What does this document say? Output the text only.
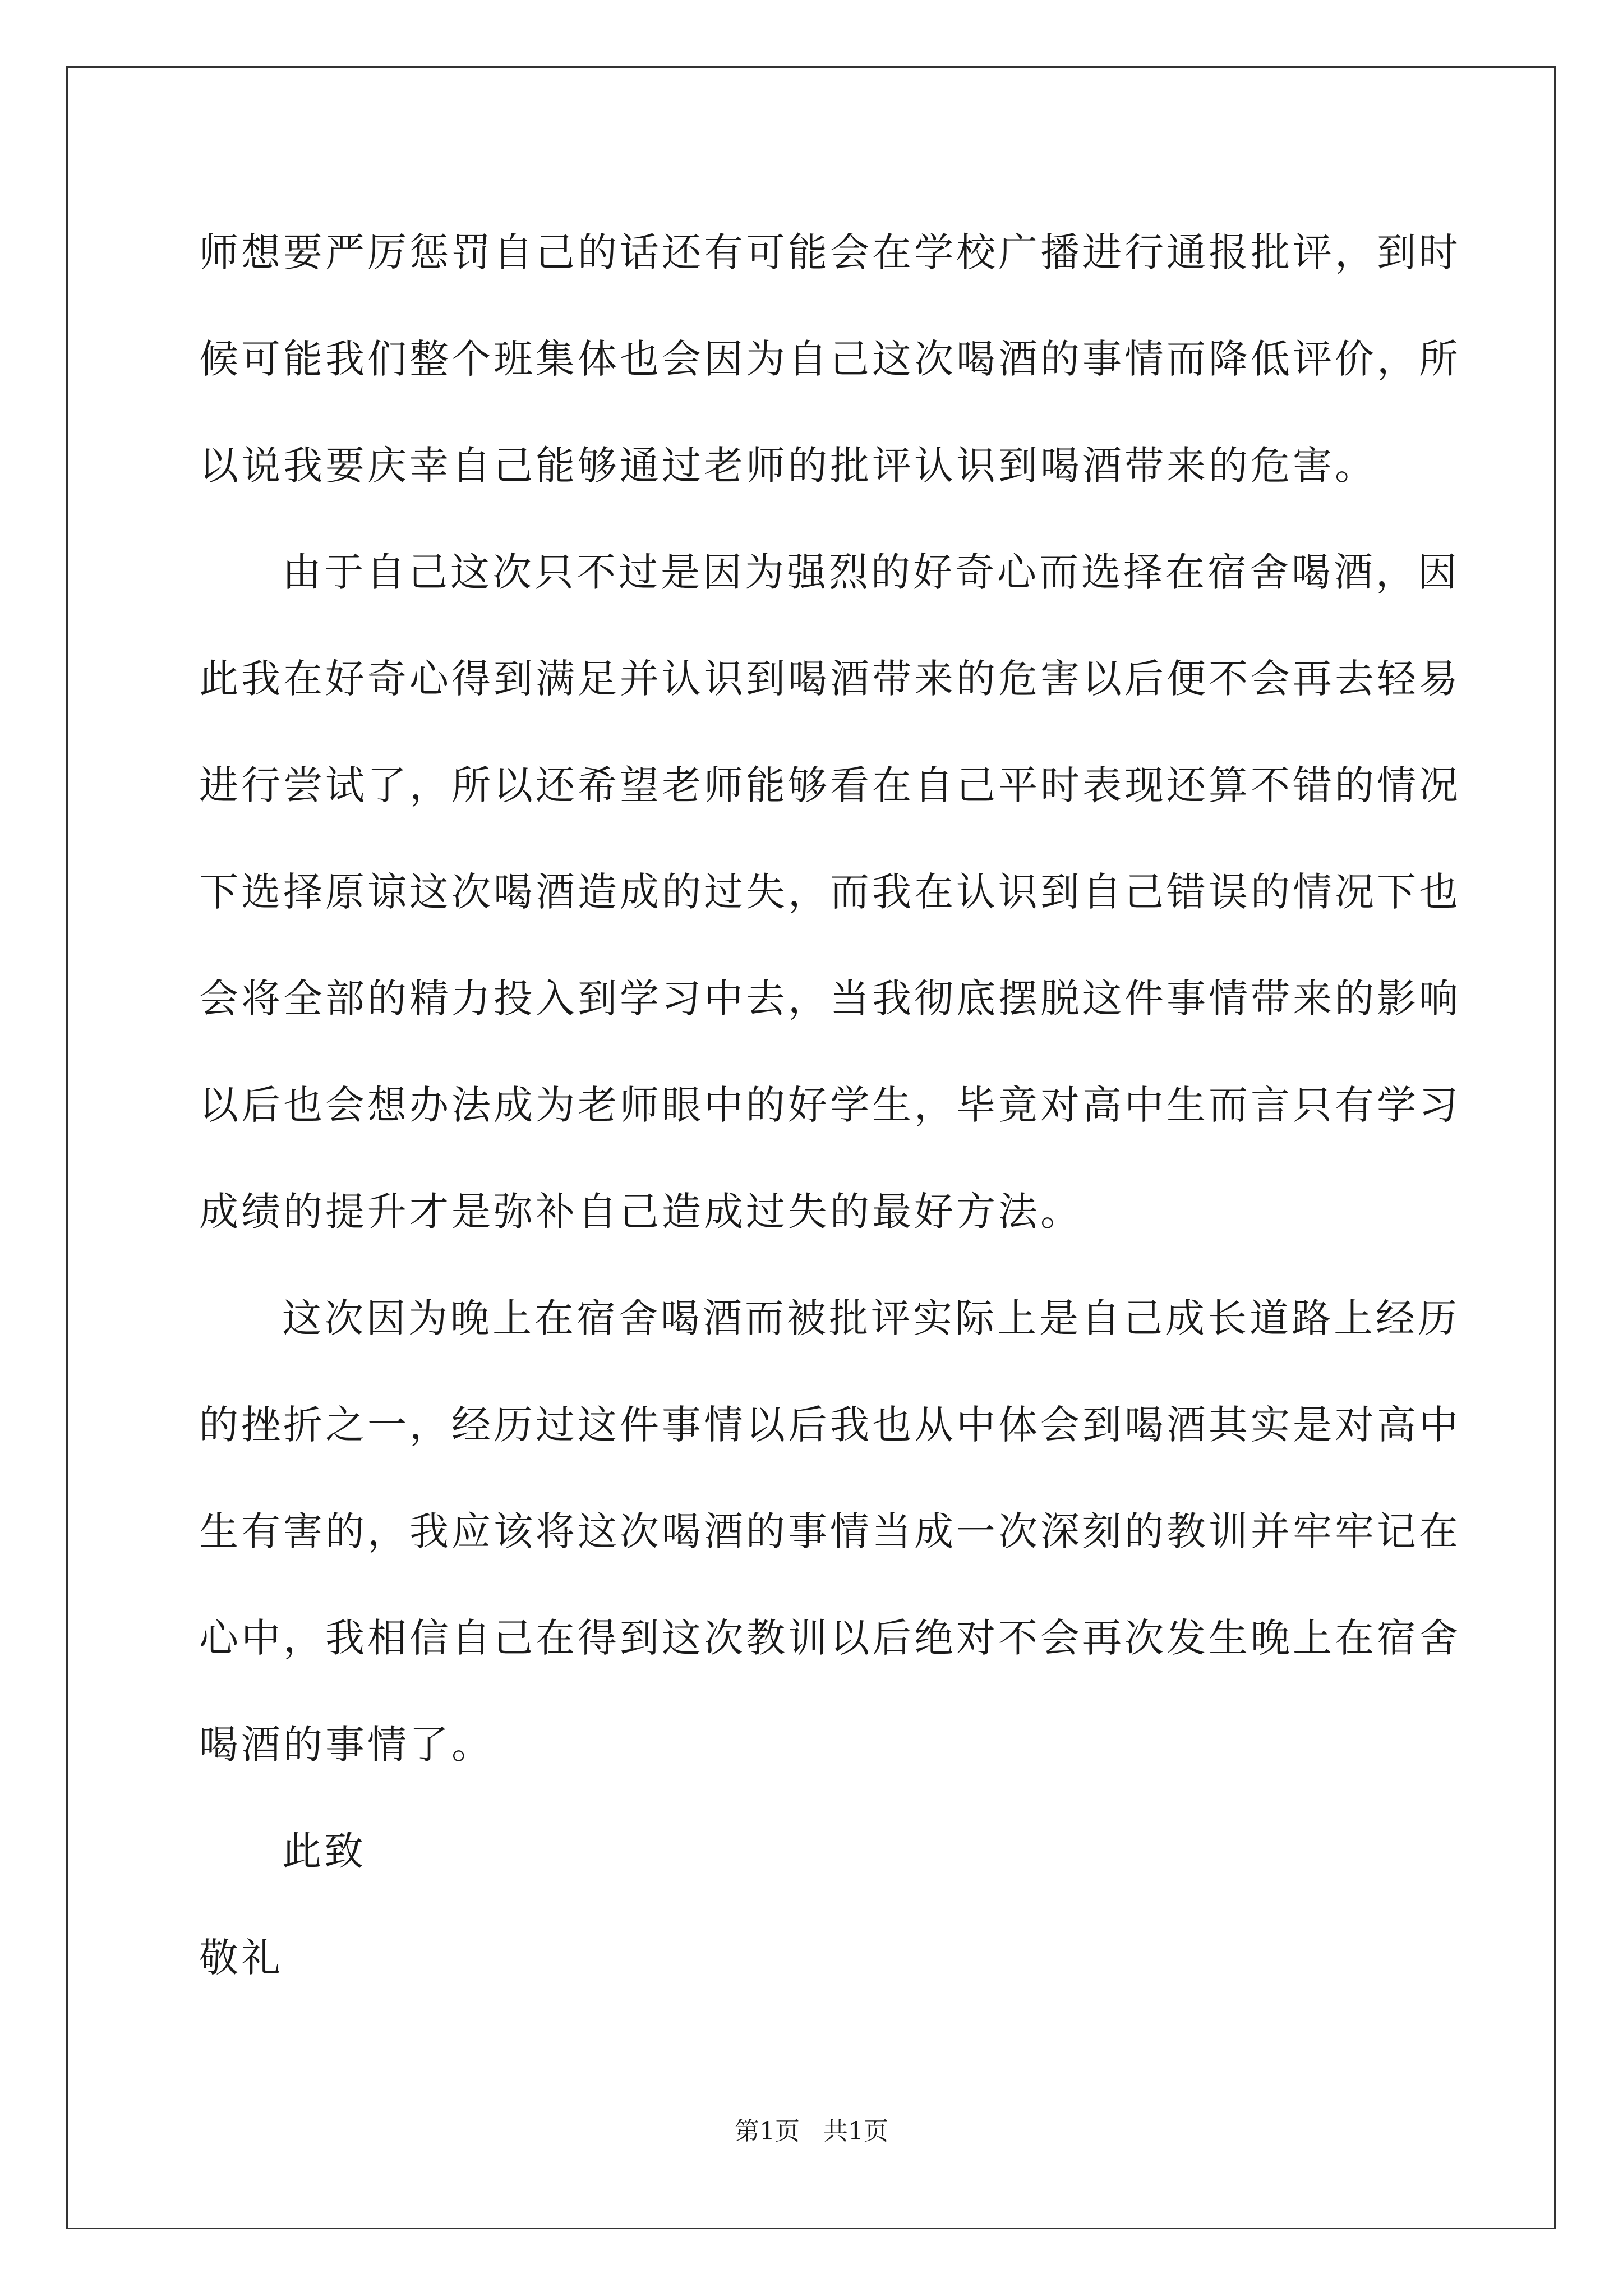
师想要严厉惩罚自己的话还有可能会在学校广播进行通报批评，到时
候可能我们整个班集体也会因为自己这次喝酒的事情而降低评价，所
以说我要庆幸自己能够通过老师的批评认识到喝酒带来的危害。
由于自己这次只不过是因为强烈的好奇心而选择在宿舍喝酒，因
此我在好奇心得到满足并认识到喝酒带来的危害以后便不会再去轻易
进行尝试了，所以还希望老师能够看在自己平时表现还算不错的情况
下选择原谅这次喝酒造成的过失，而我在认识到自己错误的情况下也
会将全部的精力投入到学习中去，当我彻底摆脱这件事情带来的影响
以后也会想办法成为老师眼中的好学生，毕竟对高中生而言只有学习
成绩的提升才是弥补自己造成过失的最好方法。
这次因为晚上在宿舍喝酒而被批评实际上是自己成长道路上经历
的挫折之一，经历过这件事情以后我也从中体会到喝酒其实是对高中
生有害的，我应该将这次喝酒的事情当成一次深刻的教训并牢牢记在
心中，我相信自己在得到这次教训以后绝对不会再次发生晚上在宿舍
喝酒的事情了。
此致
敬礼
第1页   共1页
